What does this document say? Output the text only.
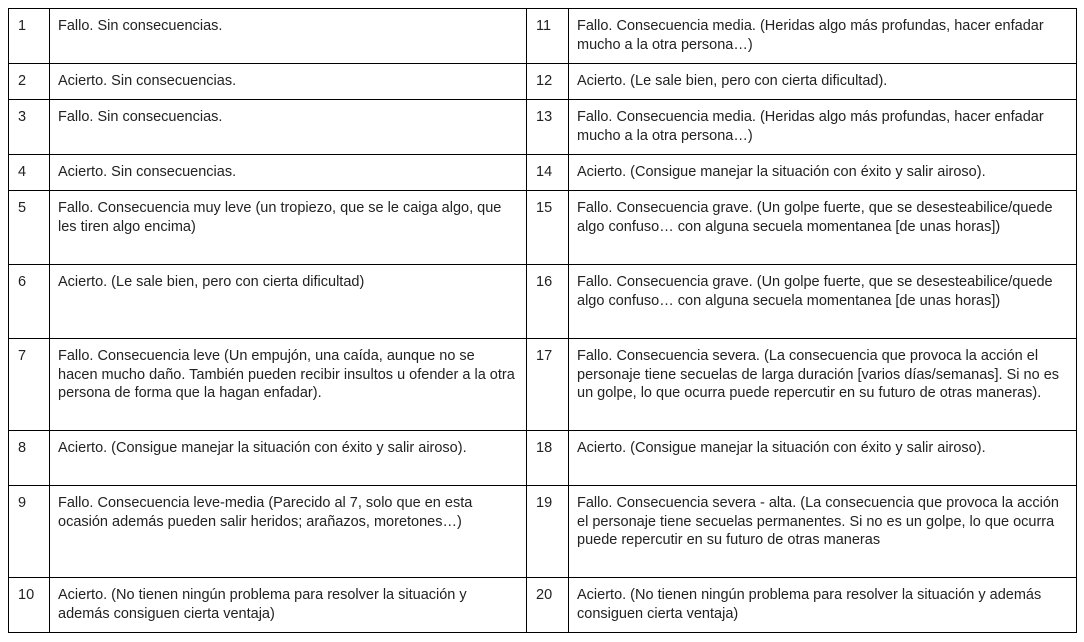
1	Fallo. Sin consecuencias.	11	Fallo. Consecuencia media. (Heridas algo más profundas, hacer enfadar mucho a la otra persona…)
2	Acierto. Sin consecuencias.	12	Acierto. (Le sale bien, pero con cierta dificultad).
3	Fallo. Sin consecuencias.	13	Fallo. Consecuencia media. (Heridas algo más profundas, hacer enfadar mucho a la otra persona…)
4	Acierto. Sin consecuencias.	14	Acierto. (Consigue manejar la situación con éxito y salir airoso).
5	Fallo. Consecuencia muy leve (un tropiezo, que se le caiga algo, que les tiren algo encima)	15	Fallo. Consecuencia grave. (Un golpe fuerte, que se desesteabilice/quede algo confuso… con alguna secuela momentanea [de unas horas])
6	Acierto. (Le sale bien, pero con cierta dificultad)	16	Fallo. Consecuencia grave. (Un golpe fuerte, que se desesteabilice/quede algo confuso… con alguna secuela momentanea [de unas horas])
7	Fallo. Consecuencia leve (Un empujón, una caída, aunque no se hacen mucho daño. También pueden recibir insultos u ofender a la otra persona de forma que la hagan enfadar).	17	Fallo. Consecuencia severa. (La consecuencia que provoca la acción el personaje tiene secuelas de larga duración [varios días/semanas]. Si no es un golpe, lo que ocurra puede repercutir en su futuro de otras maneras).
8	Acierto. (Consigue manejar la situación con éxito y salir airoso).	18	Acierto. (Consigue manejar la situación con éxito y salir airoso).
9	Fallo. Consecuencia leve-media (Parecido al 7, solo que en esta ocasión además pueden salir heridos; arañazos, moretones…)	19	Fallo. Consecuencia severa - alta. (La consecuencia que provoca la acción el personaje tiene secuelas permanentes. Si no es un golpe, lo que ocurra puede repercutir en su futuro de otras maneras
10	Acierto. (No tienen ningún problema para resolver la situación y además consiguen cierta ventaja)	20	Acierto. (No tienen ningún problema para resolver la situación y además consiguen cierta ventaja)
